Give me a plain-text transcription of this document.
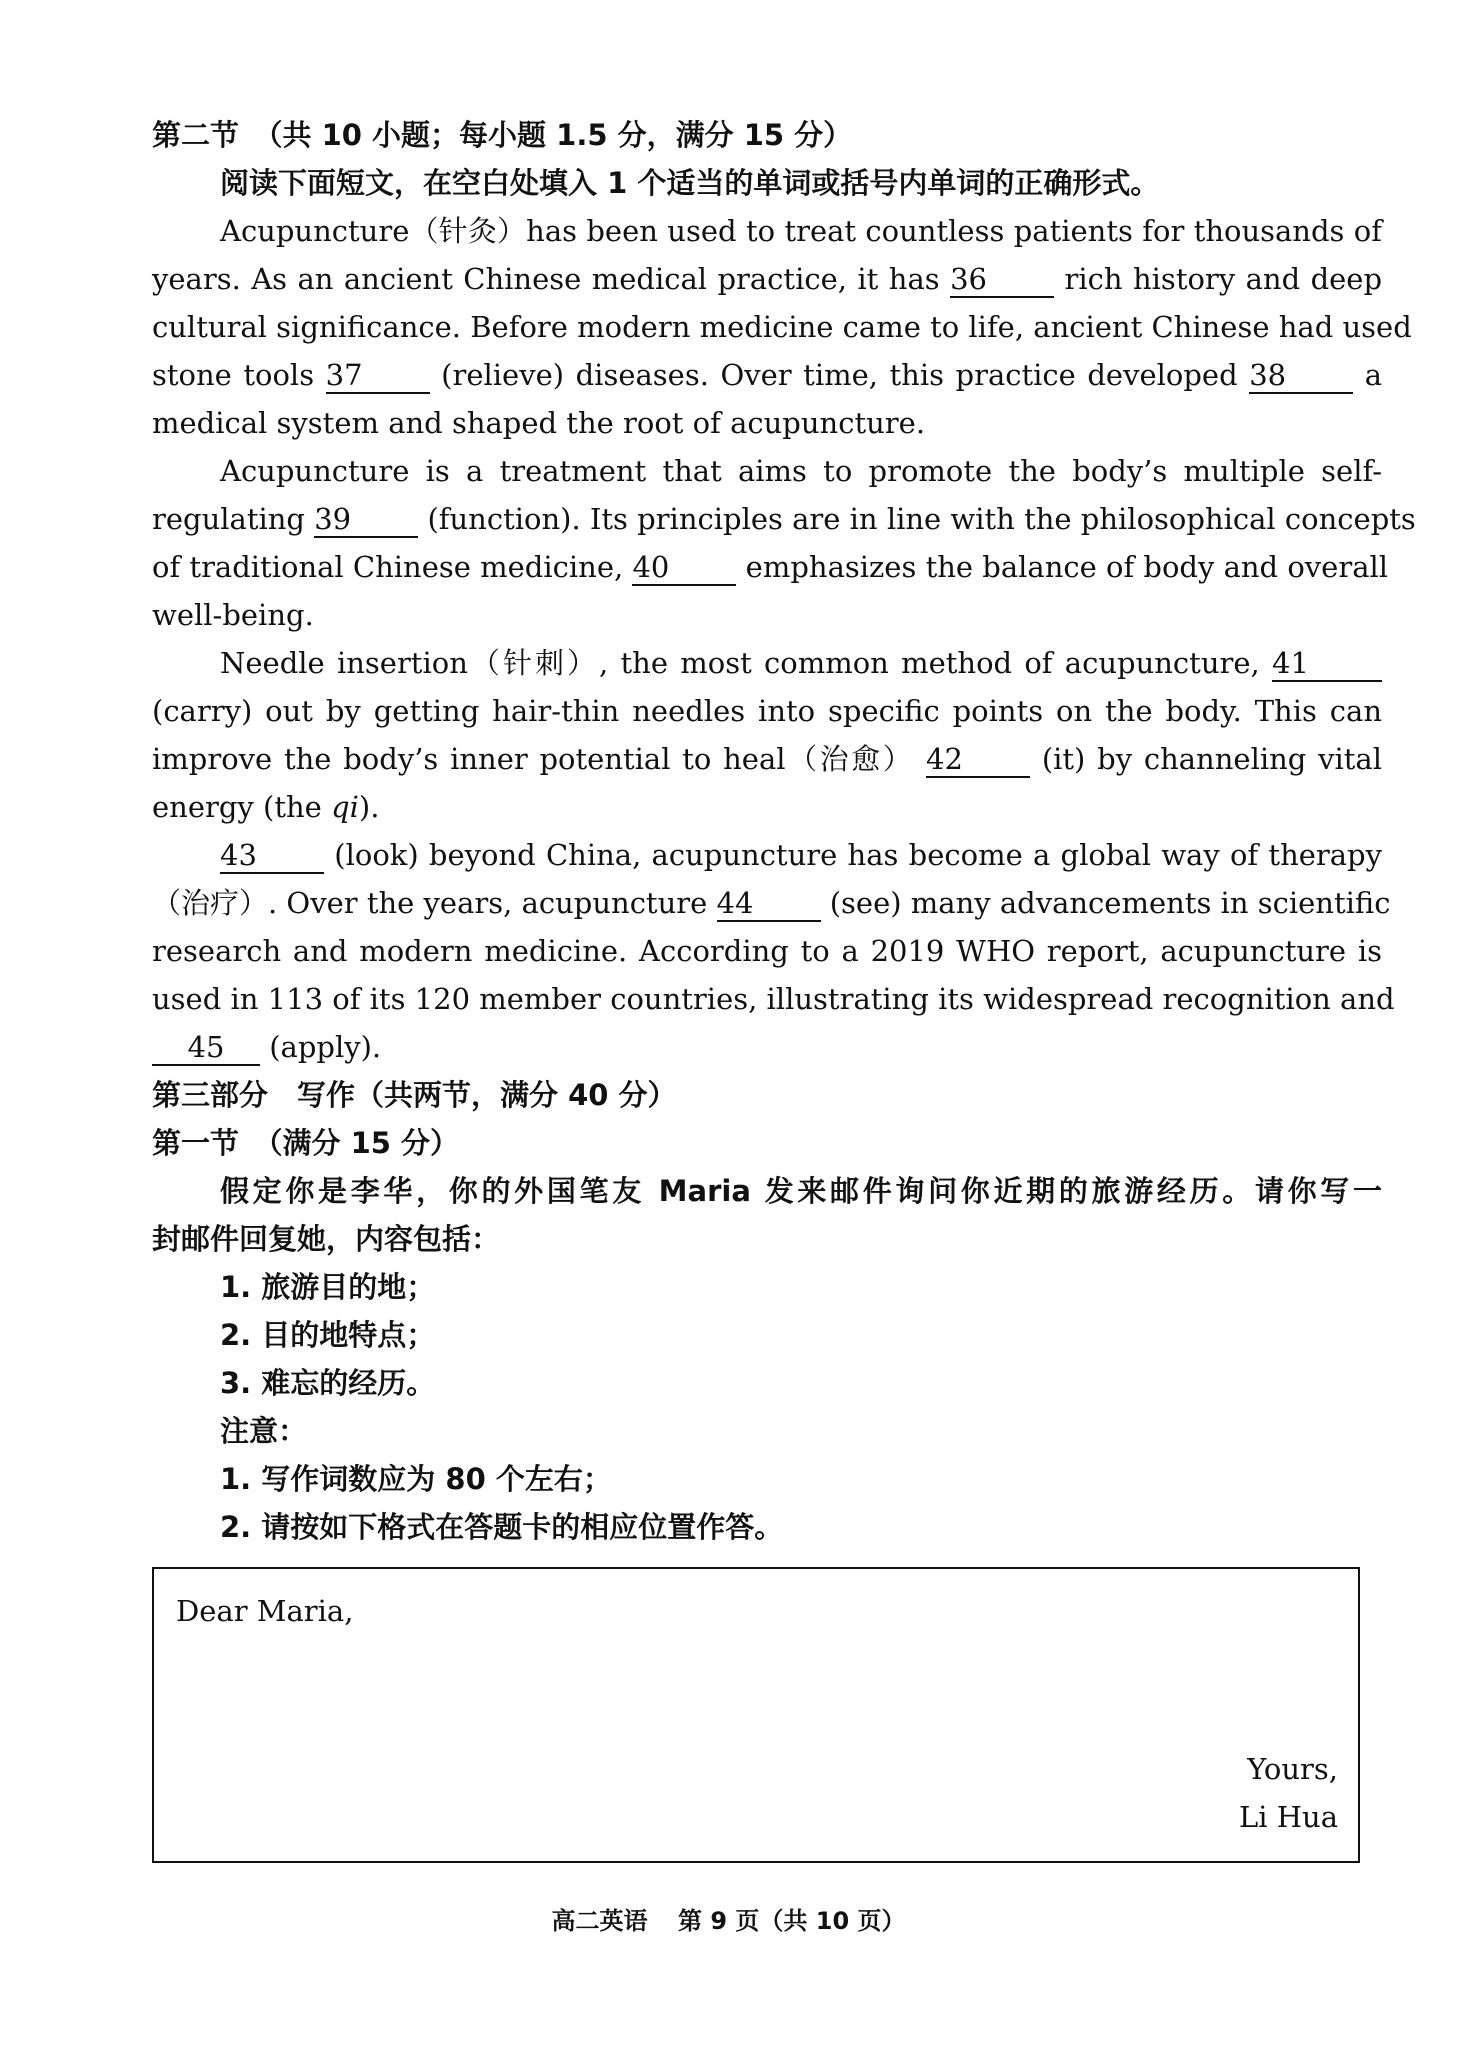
第二节　（共 10 小题；每小题 1.5 分，满分 15 分）
阅读下面短文，在空白处填入 1 个适当的单词或括号内单词的正确形式。
Acupuncture（针灸）has been used to treat countless patients for thousands of
years. As an ancient Chinese medical practice, it has 36	rich history and deep
cultural significance. Before modern medicine came to life, ancient Chinese had used
stone tools 37	(relieve) diseases. Over time, this practice developed 38	a
medical system and shaped the root of acupuncture.
Acupuncture is a treatment that aims to promote the body’s multiple self-
regulating 39	(function). Its principles are in line with the philosophical concepts
of traditional Chinese medicine, 40	emphasizes the balance of body and overall
well-being.
Needle insertion（针刺）, the most common method of acupuncture, 41
(carry) out by getting hair-thin needles into specific points on the body. This can
improve the body’s inner potential to heal（治愈） 42	(it) by channeling vital
energy (the qi).
43	(look) beyond China, acupuncture has become a global way of therapy
（治疗）. Over the years, acupuncture 44	(see) many advancements in scientific
research and modern medicine. According to a 2019 WHO report, acupuncture is
used in 113 of its 120 member countries, illustrating its widespread recognition and
45 (apply).
第三部分　写作（共两节，满分 40 分）
第一节　（满分 15 分）
假定你是李华，你的外国笔友 Maria 发来邮件询问你近期的旅游经历。请你写一
封邮件回复她，内容包括：
1. 旅游目的地；
2. 目的地特点；
3. 难忘的经历。
注意：
1. 写作词数应为 80 个左右；
2. 请按如下格式在答题卡的相应位置作答。
Dear Maria,
Yours,
Li Hua
高二英语 第 9 页（共 10 页）
